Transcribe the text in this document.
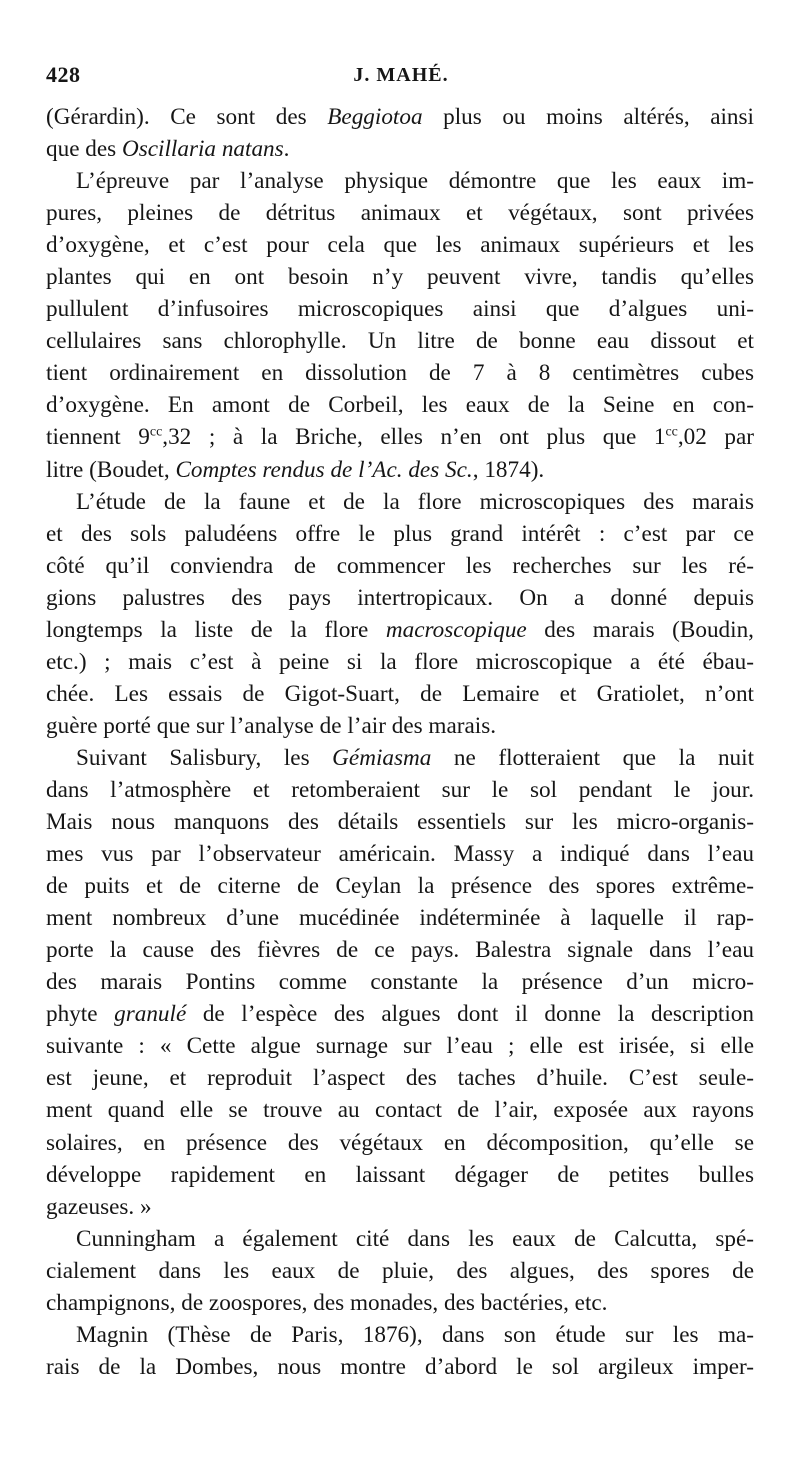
428	J. MAHÉ.
(Gérardin). Ce sont des Beggiotoa plus ou moins altérés, ainsi
que des Oscillaria natans.
L’épreuve par l’analyse physique démontre que les eaux im-
pures, pleines de détritus animaux et végétaux, sont privées
d’oxygène, et c’est pour cela que les animaux supérieurs et les
plantes qui en ont besoin n’y peuvent vivre, tandis qu’elles
pullulent d’infusoires microscopiques ainsi que d’algues uni-
cellulaires sans chlorophylle. Un litre de bonne eau dissout et
tient ordinairement en dissolution de 7 à 8 centimètres cubes
d’oxygène. En amont de Corbeil, les eaux de la Seine en con-
tiennent $9^{cc},32$ ; à la Briche, elles n’en ont plus que $1^{cc},02$ par
litre (Boudet, Comptes rendus de l’Ac. des Sc., 1874).
L’étude de la faune et de la flore microscopiques des marais
et des sols paludéens offre le plus grand intérêt : c’est par ce
côté qu’il conviendra de commencer les recherches sur les ré-
gions palustres des pays intertropicaux. On a donné depuis
longtemps la liste de la flore macroscopique des marais (Boudin,
etc.) ; mais c’est à peine si la flore microscopique a été ébau-
chée. Les essais de Gigot-Suart, de Lemaire et Gratiolet, n’ont
guère porté que sur l’analyse de l’air des marais.
Suivant Salisbury, les Gémiasma ne flotteraient que la nuit
dans l’atmosphère et retomberaient sur le sol pendant le jour.
Mais nous manquons des détails essentiels sur les micro-organis-
mes vus par l’observateur américain. Massy a indiqué dans l’eau
de puits et de citerne de Ceylan la présence des spores extrême-
ment nombreux d’une mucédinée indéterminée à laquelle il rap-
porte la cause des fièvres de ce pays. Balestra signale dans l’eau
des marais Pontins comme constante la présence d’un micro-
phyte granulé de l’espèce des algues dont il donne la description
suivante : « Cette algue surnage sur l’eau ; elle est irisée, si elle
est jeune, et reproduit l’aspect des taches d’huile. C’est seule-
ment quand elle se trouve au contact de l’air, exposée aux rayons
solaires, en présence des végétaux en décomposition, qu’elle se
développe rapidement en laissant dégager de petites bulles
gazeuses. »
Cunningham a également cité dans les eaux de Calcutta, spé-
cialement dans les eaux de pluie, des algues, des spores de
champignons, de zoospores, des monades, des bactéries, etc.
Magnin (Thèse de Paris, 1876), dans son étude sur les ma-
rais de la Dombes, nous montre d’abord le sol argileux imper-
